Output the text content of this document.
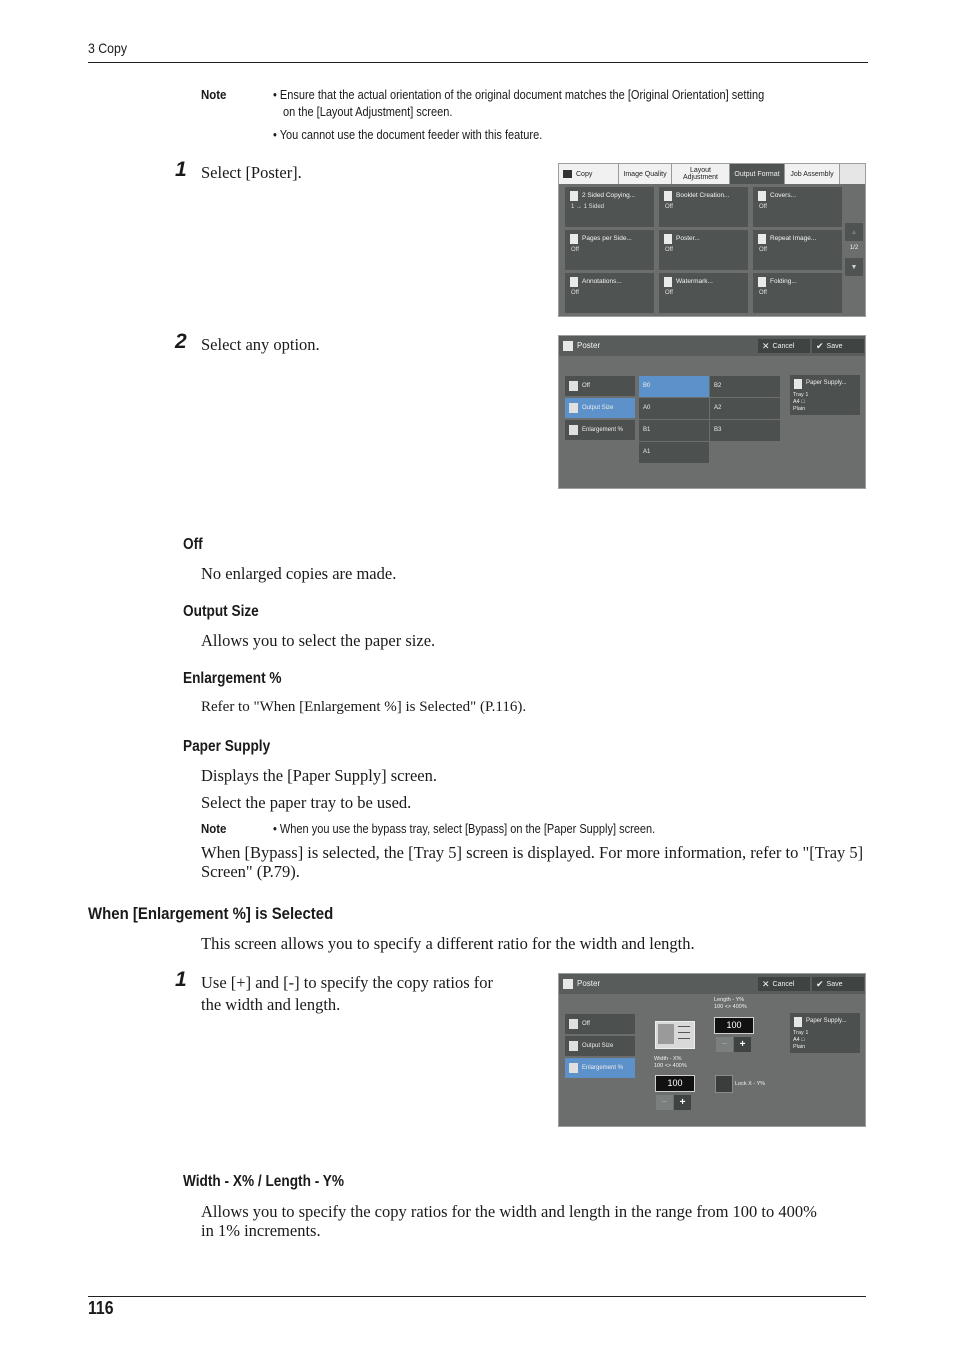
3 Copy
Note	• Ensure that the actual orientation of the original document matches the [Original Orientation] setting
on the [Layout Adjustment] screen.
• You cannot use the document feeder with this feature.
1 Select [Poster].	Copy	Image Quality	Layout Adjustment	Output Format	Job Assembly
2 Sided Copying...
1 → 1 Sided
Booklet Creation...
Off
Covers...
Off
Pages per Side...
Off
Poster...
Off
Repeat Image...
Off
Annotations...
Off
Watermark...
Off
Folding...
Off
▲
1/2
▼
2 Select any option.	Poster	✕ Cancel ✔ Save
Off
Output Size
Enlargement %
B0	B2
A0	A2
B1	B3
A1
Paper Supply...
Tray 1
A4 □
Plain
Off
No enlarged copies are made.
Output Size
Allows you to select the paper size.
Enlargement %
Refer to "When [Enlargement %] is Selected" (P.116).
Paper Supply
Displays the [Paper Supply] screen.
Select the paper tray to be used.
Note	• When you use the bypass tray, select [Bypass] on the [Paper Supply] screen.
When [Bypass] is selected, the [Tray 5] screen is displayed. For more information, refer to "[Tray 5]
Screen" (P.79).
When [Enlargement %] is Selected
This screen allows you to specify a different ratio for the width and length.
1 Use [+] and [-] to specify the copy ratios for
the width and length.
Poster	✕ Cancel ✔ Save
Off
Output Size
Enlargement %
Length - Y%
100 <> 400%
100
−	+
Width - X%
100 <> 400%
100
−	+
Lock X - Y%
Paper Supply...
Tray 1
A4 □
Plain
Width - X% / Length - Y%
Allows you to specify the copy ratios for the width and length in the range from 100 to 400%
in 1% increments.
116
